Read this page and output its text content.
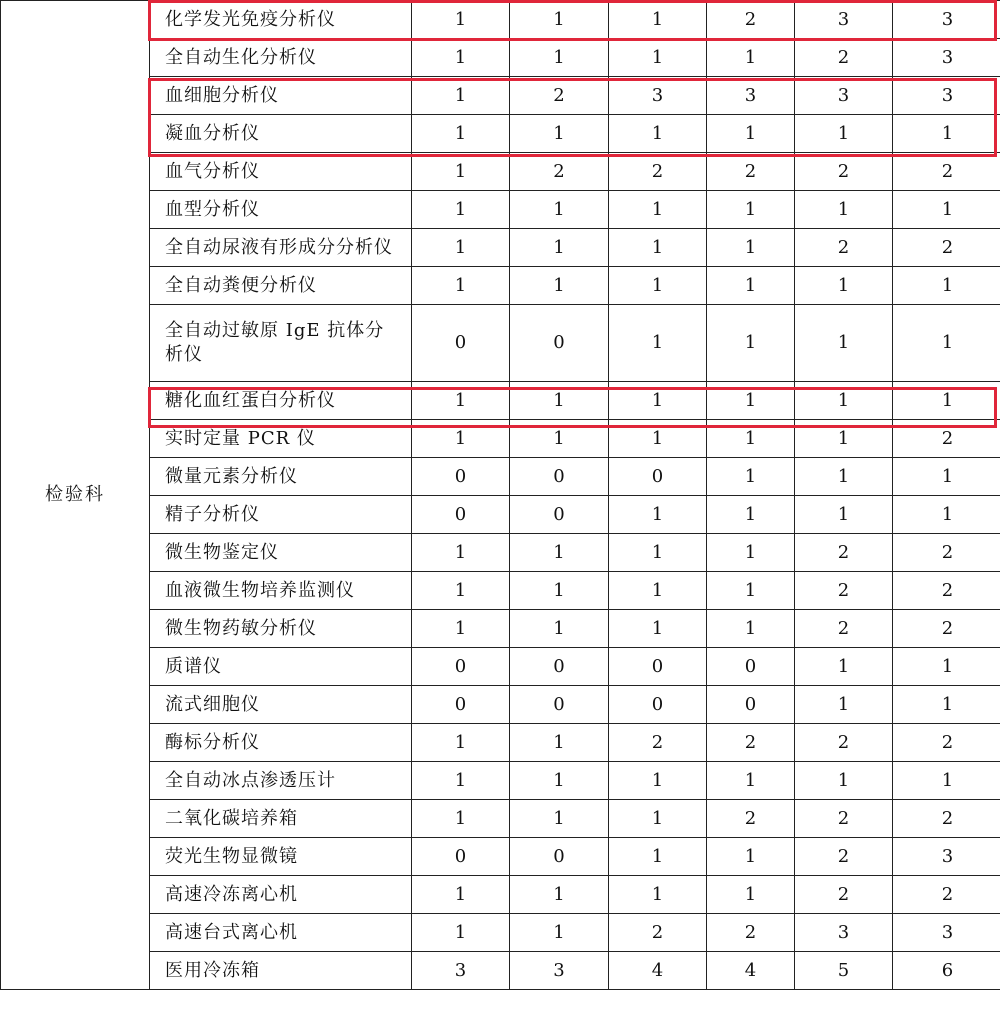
检验科	化学发光免疫分析仪	1	1	1	2	3	3
	全自动生化分析仪	1	1	1	1	2	3
	血细胞分析仪	1	2	3	3	3	3
	凝血分析仪	1	1	1	1	1	1
	血气分析仪	1	2	2	2	2	2
	血型分析仪	1	1	1	1	1	1
	全自动尿液有形成分分析仪	1	1	1	1	2	2
	全自动粪便分析仪	1	1	1	1	1	1
	全自动过敏原 IgE 抗体分析仪	0	0	1	1	1	1
	糖化血红蛋白分析仪	1	1	1	1	1	1
	实时定量 PCR 仪	1	1	1	1	1	2
	微量元素分析仪	0	0	0	1	1	1
	精子分析仪	0	0	1	1	1	1
	微生物鉴定仪	1	1	1	1	2	2
	血液微生物培养监测仪	1	1	1	1	2	2
	微生物药敏分析仪	1	1	1	1	2	2
	质谱仪	0	0	0	0	1	1
	流式细胞仪	0	0	0	0	1	1
	酶标分析仪	1	1	2	2	2	2
	全自动冰点渗透压计	1	1	1	1	1	1
	二氧化碳培养箱	1	1	1	2	2	2
	荧光生物显微镜	0	0	1	1	2	3
	高速冷冻离心机	1	1	1	1	2	2
	高速台式离心机	1	1	2	2	3	3
	医用冷冻箱	3	3	4	4	5	6
